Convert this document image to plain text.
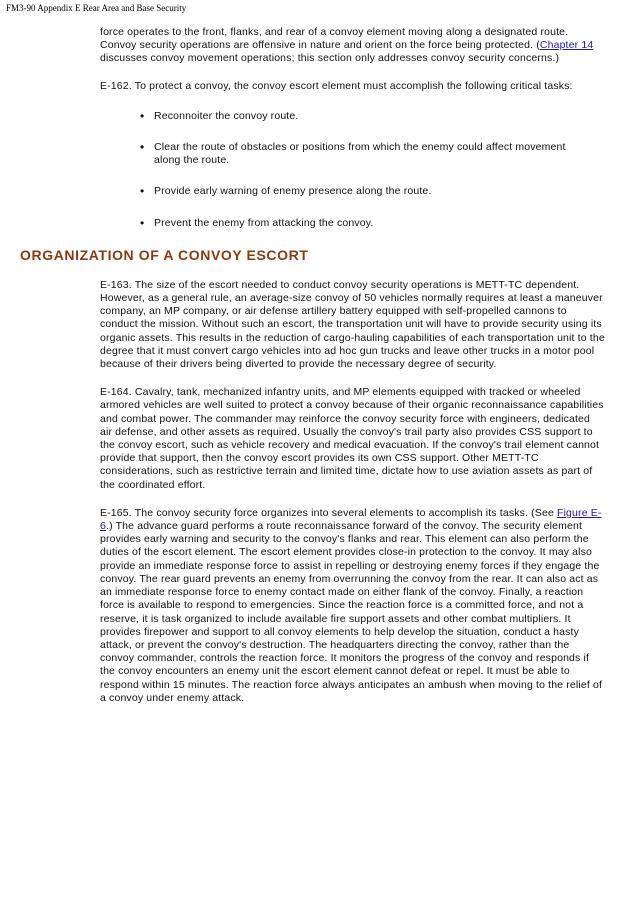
FM3-90 Appendix E Rear Area and Base Security

force operates to the front, flanks, and rear of a convoy element moving along a designated route. Convoy security operations are offensive in nature and orient on the force being protected. (Chapter 14 discusses convoy movement operations; this section only addresses convoy security concerns.)

E-162. To protect a convoy, the convoy escort element must accomplish the following critical tasks:

• Reconnoiter the convoy route.
• Clear the route of obstacles or positions from which the enemy could affect movement along the route.
• Provide early warning of enemy presence along the route.
• Prevent the enemy from attacking the convoy.
ORGANIZATION OF A CONVOY ESCORT

E-163. The size of the escort needed to conduct convoy security operations is METT-TC dependent. However, as a general rule, an average-size convoy of 50 vehicles normally requires at least a maneuver company, an MP company, or air defense artillery battery equipped with self-propelled cannons to conduct the mission. Without such an escort, the transportation unit will have to provide security using its organic assets. This results in the reduction of cargo-hauling capabilities of each transportation unit to the degree that it must convert cargo vehicles into ad hoc gun trucks and leave other trucks in a motor pool because of their drivers being diverted to provide the necessary degree of security.

E-164. Cavalry, tank, mechanized infantry units, and MP elements equipped with tracked or wheeled armored vehicles are well suited to protect a convoy because of their organic reconnaissance capabilities and combat power. The commander may reinforce the convoy security force with engineers, dedicated air defense, and other assets as required. Usually the convoy's trail party also provides CSS support to the convoy escort, such as vehicle recovery and medical evacuation. If the convoy's trail element cannot provide that support, then the convoy escort provides its own CSS support. Other METT-TC considerations, such as restrictive terrain and limited time, dictate how to use aviation assets as part of the coordinated effort.

E-165. The convoy security force organizes into several elements to accomplish its tasks. (See Figure E-6.) The advance guard performs a route reconnaissance forward of the convoy. The security element provides early warning and security to the convoy's flanks and rear. This element can also perform the duties of the escort element. The escort element provides close-in protection to the convoy. It may also provide an immediate response force to assist in repelling or destroying enemy forces if they engage the convoy. The rear guard prevents an enemy from overrunning the convoy from the rear. It can also act as an immediate response force to enemy contact made on either flank of the convoy. Finally, a reaction force is available to respond to emergencies. Since the reaction force is a committed force, and not a reserve, it is task organized to include available fire support assets and other combat multipliers. It provides firepower and support to all convoy elements to help develop the situation, conduct a hasty attack, or prevent the convoy's destruction. The headquarters directing the convoy, rather than the convoy commander, controls the reaction force. It monitors the progress of the convoy and responds if the convoy encounters an enemy unit the escort element cannot defeat or repel. It must be able to respond within 15 minutes. The reaction force always anticipates an ambush when moving to the relief of a convoy under enemy attack.
